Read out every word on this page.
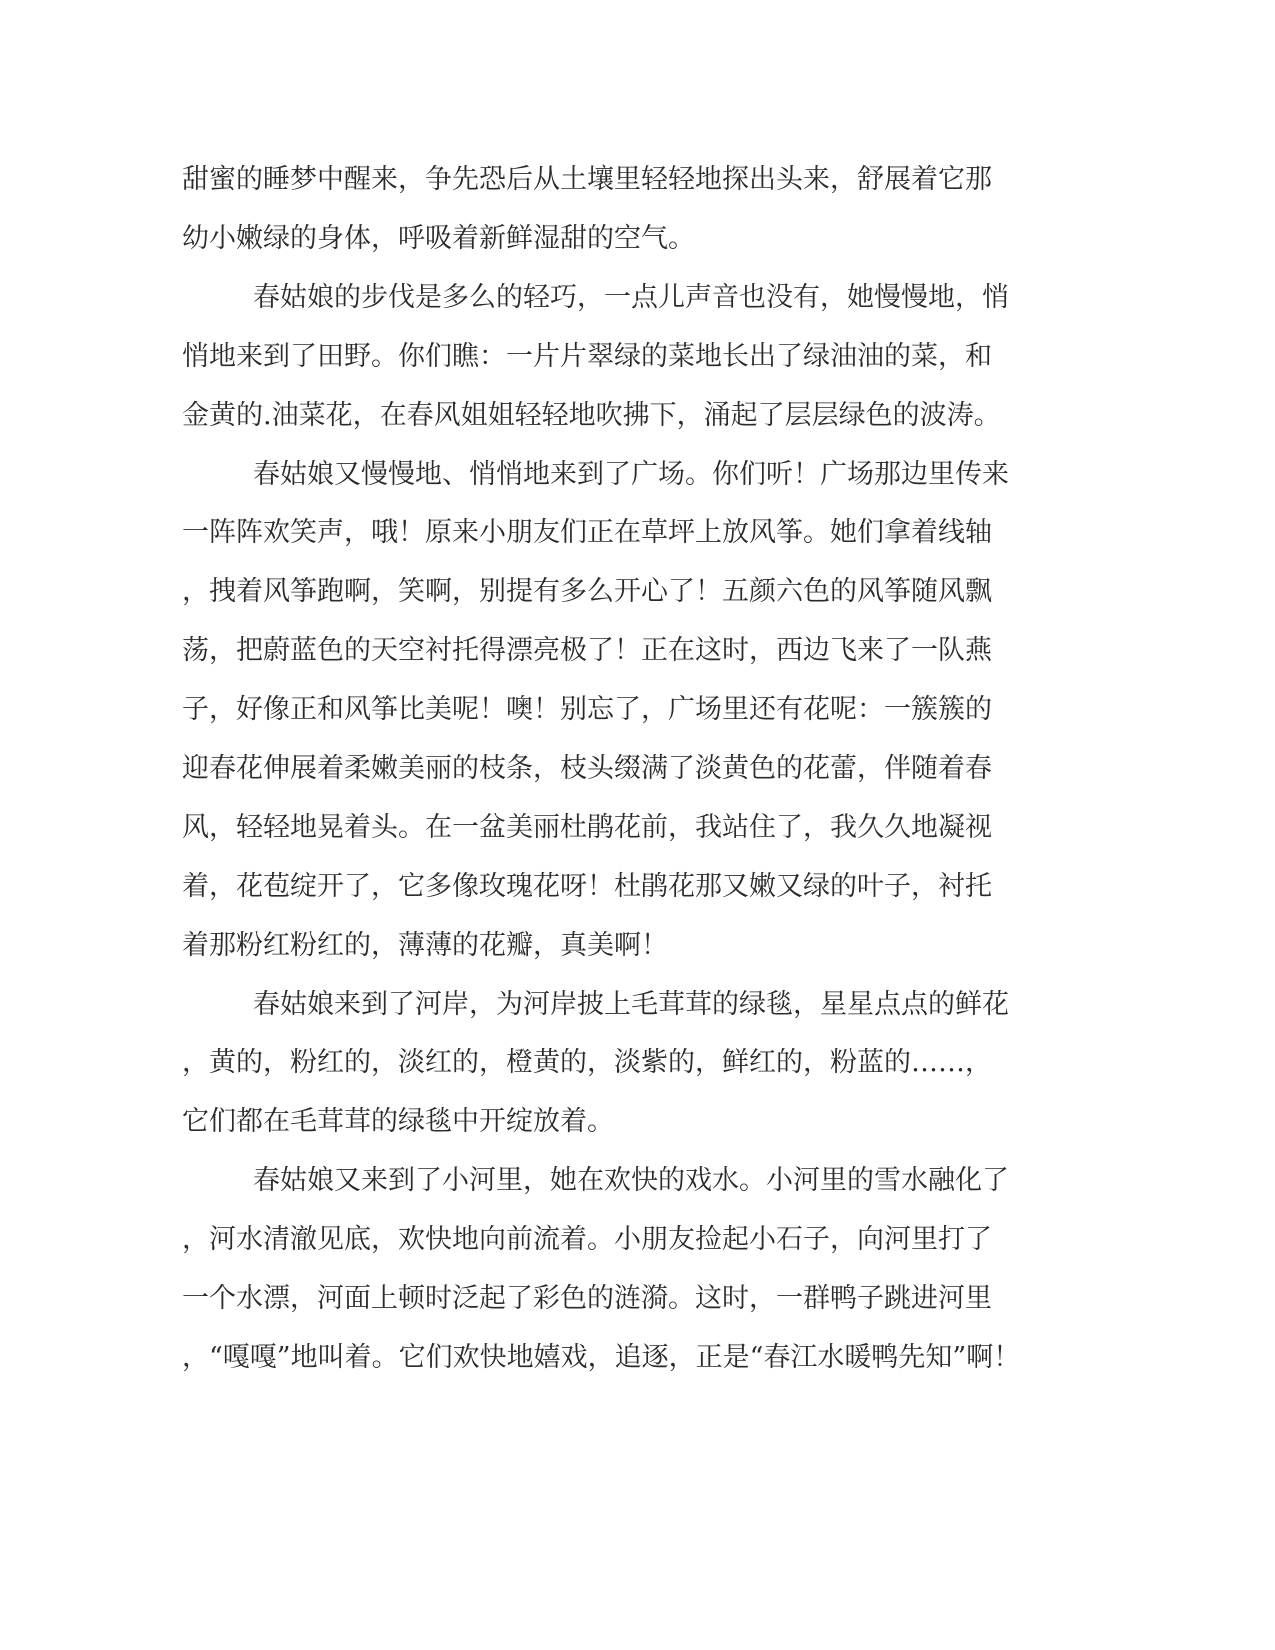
甜蜜的睡梦中醒来，争先恐后从土壤里轻轻地探出头来，舒展着它那
幼小嫩绿的身体，呼吸着新鲜湿甜的空气。
春姑娘的步伐是多么的轻巧，一点儿声音也没有，她慢慢地，悄
悄地来到了田野。你们瞧：一片片翠绿的菜地长出了绿油油的菜，和
金黄的.油菜花，在春风姐姐轻轻地吹拂下，涌起了层层绿色的波涛。
春姑娘又慢慢地、悄悄地来到了广场。你们听！广场那边里传来
一阵阵欢笑声，哦！原来小朋友们正在草坪上放风筝。她们拿着线轴
，拽着风筝跑啊，笑啊，别提有多么开心了！五颜六色的风筝随风飘
荡，把蔚蓝色的天空衬托得漂亮极了！正在这时，西边飞来了一队燕
子，好像正和风筝比美呢！噢！别忘了，广场里还有花呢：一簇簇的
迎春花伸展着柔嫩美丽的枝条，枝头缀满了淡黄色的花蕾，伴随着春
风，轻轻地晃着头。在一盆美丽杜鹃花前，我站住了，我久久地凝视
着，花苞绽开了，它多像玫瑰花呀！杜鹃花那又嫩又绿的叶子，衬托
着那粉红粉红的，薄薄的花瓣，真美啊！
春姑娘来到了河岸，为河岸披上毛茸茸的绿毯，星星点点的鲜花
，黄的，粉红的，淡红的，橙黄的，淡紫的，鲜红的，粉蓝的……，
它们都在毛茸茸的绿毯中开绽放着。
春姑娘又来到了小河里，她在欢快的戏水。小河里的雪水融化了
，河水清澈见底，欢快地向前流着。小朋友捡起小石子，向河里打了
一个水漂，河面上顿时泛起了彩色的涟漪。这时，一群鸭子跳进河里
，“嘎嘎”地叫着。它们欢快地嬉戏，追逐，正是“春江水暖鸭先知”啊！
